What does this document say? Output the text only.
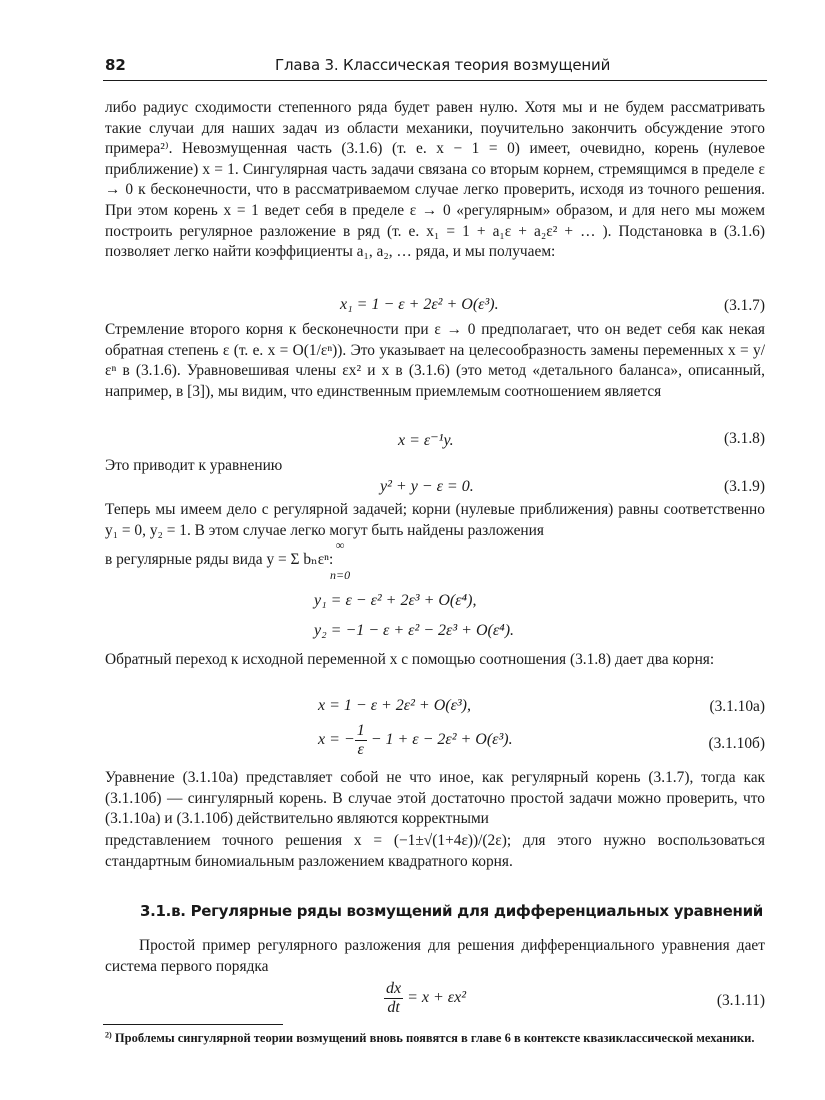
82	Глава 3. Классическая теория возмущений

либо радиус сходимости степенного ряда будет равен нулю. Хотя мы и не будем рассматривать такие случаи для наших задач из области механики, поучительно закончить обсуждение этого примера²⁾. Невозмущенная часть (3.1.6) (т. е. x − 1 = 0) имеет, очевидно, корень (нулевое приближение) x = 1. Сингулярная часть задачи связана со вторым корнем, стремящимся в пределе ε → 0 к бесконечности, что в рассматриваемом случае легко проверить, исходя из точного решения. При этом корень x = 1 ведет себя в пределе ε → 0 «регулярным» образом, и для него мы можем построить регулярное разложение в ряд (т. е. x₁ = 1 + a₁ε + a₂ε² + … ). Подстановка в (3.1.6) позволяет легко найти коэффициенты a₁, a₂, … ряда, и мы получаем:

x₁ = 1 − ε + 2ε² + O(ε³).	(3.1.7)

Стремление второго корня к бесконечности при ε → 0 предполагает, что он ведет себя как некая обратная степень ε (т. е. x = O(1/εⁿ)). Это указывает на целесообразность замены переменных x = y/εⁿ в (3.1.6). Уравновешивая члены εx² и x в (3.1.6) (это метод «детального баланса», описанный, например, в [3]), мы видим, что единственным приемлемым соотношением является

x = ε⁻¹y.	(3.1.8)

Это приводит к уравнению

y² + y − ε = 0.	(3.1.9)

Теперь мы имеем дело с регулярной задачей; корни (нулевые приближения) равны соответственно y₁ = 0, y₂ = 1. В этом случае легко могут быть найдены разложения

∞

в регулярные ряды вида y = Σ bₙεⁿ:

n=0
y₁ = ε − ε² + 2ε³ + O(ε⁴),
y₂ = −1 − ε + ε² − 2ε³ + O(ε⁴).

Обратный переход к исходной переменной x с помощью соотношения (3.1.8) дает два корня:

x = 1 − ε + 2ε² + O(ε³),	(3.1.10а)
x = − $\frac{1}{\varepsilon} - 1 + \varepsilon - 2\varepsilon^2 + O(\varepsilon^3)$.	(3.1.10б)

Уравнение (3.1.10а) представляет собой не что иное, как регулярный корень (3.1.7), тогда как (3.1.10б) — сингулярный корень. В случае этой достаточно простой задачи можно проверить, что (3.1.10а) и (3.1.10б) действительно являются корректными

представлением точного решения x = (−1±√(1+4ε))/(2ε); для этого нужно воспользоваться стандартным биномиальным разложением квадратного корня.

3.1.в. Регулярные ряды возмущений для дифференциальных уравнений

Простой пример регулярного разложения для решения дифференциального уравнения дает система первого порядка

$\frac{dx}{dt} = x + \varepsilon x^2$	(3.1.11)

$^{2)}$ Проблемы сингулярной теории возмущений вновь появятся в главе 6 в контексте квазиклассической механики.
